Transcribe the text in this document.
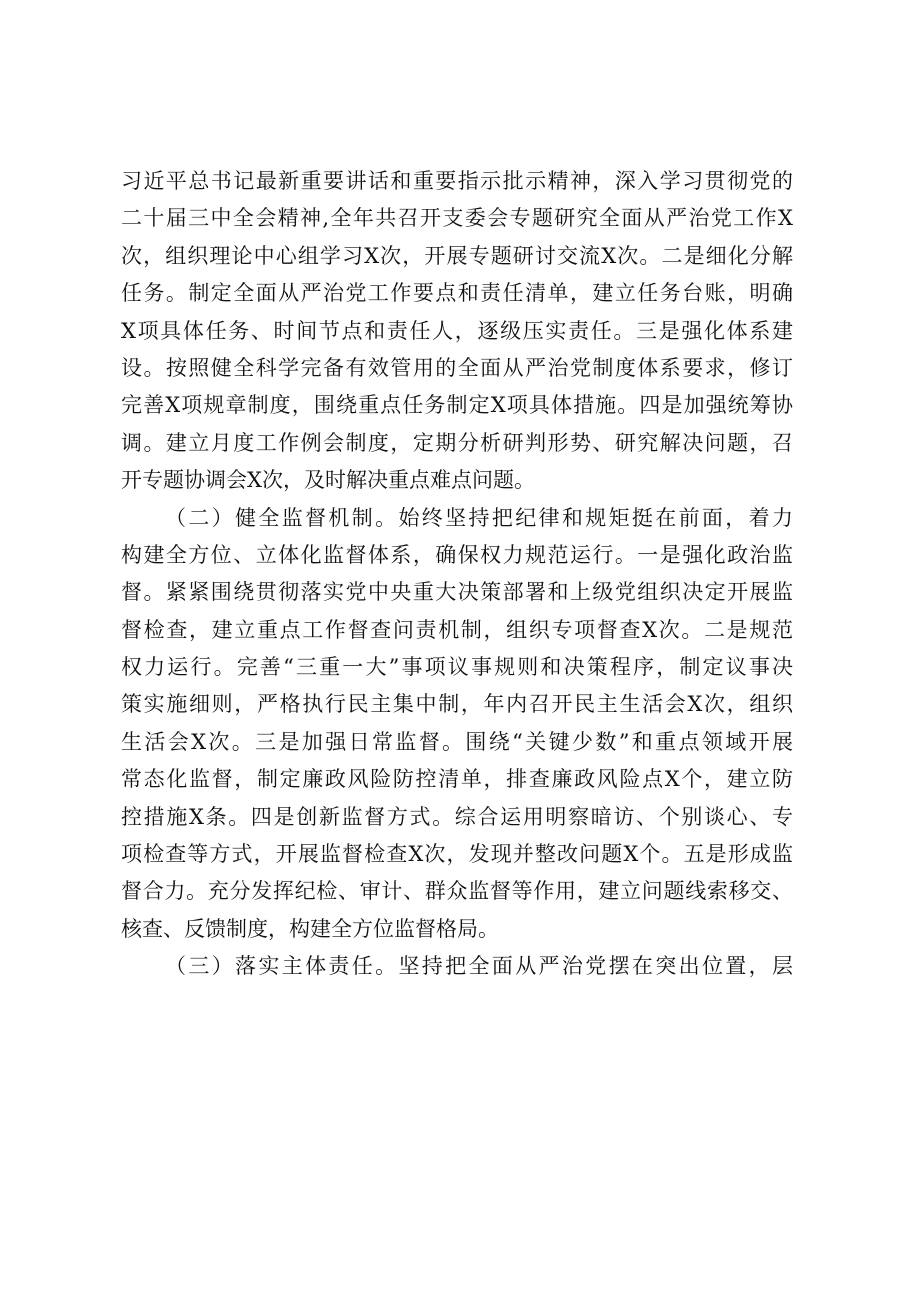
习近平总书记最新重要讲话和重要指示批示精神，深入学习贯彻党的
二十届三中全会精神,全年共召开支委会专题研究全面从严治党工作X
次，组织理论中心组学习X次，开展专题研讨交流X次。二是细化分解
任务。制定全面从严治党工作要点和责任清单，建立任务台账，明确
X项具体任务、时间节点和责任人，逐级压实责任。三是强化体系建
设。按照健全科学完备有效管用的全面从严治党制度体系要求，修订
完善X项规章制度，围绕重点任务制定X项具体措施。四是加强统筹协
调。建立月度工作例会制度，定期分析研判形势、研究解决问题，召
开专题协调会X次，及时解决重点难点问题。
（二）健全监督机制。始终坚持把纪律和规矩挺在前面，着力
构建全方位、立体化监督体系，确保权力规范运行。一是强化政治监
督。紧紧围绕贯彻落实党中央重大决策部署和上级党组织决定开展监
督检查，建立重点工作督查问责机制，组织专项督查X次。二是规范
权力运行。完善“三重一大”事项议事规则和决策程序，制定议事决
策实施细则，严格执行民主集中制，年内召开民主生活会X次，组织
生活会X次。三是加强日常监督。围绕“关键少数”和重点领域开展
常态化监督，制定廉政风险防控清单，排查廉政风险点X个，建立防
控措施X条。四是创新监督方式。综合运用明察暗访、个别谈心、专
项检查等方式，开展监督检查X次，发现并整改问题X个。五是形成监
督合力。充分发挥纪检、审计、群众监督等作用，建立问题线索移交、
核查、反馈制度，构建全方位监督格局。
（三）落实主体责任。坚持把全面从严治党摆在突出位置，层
